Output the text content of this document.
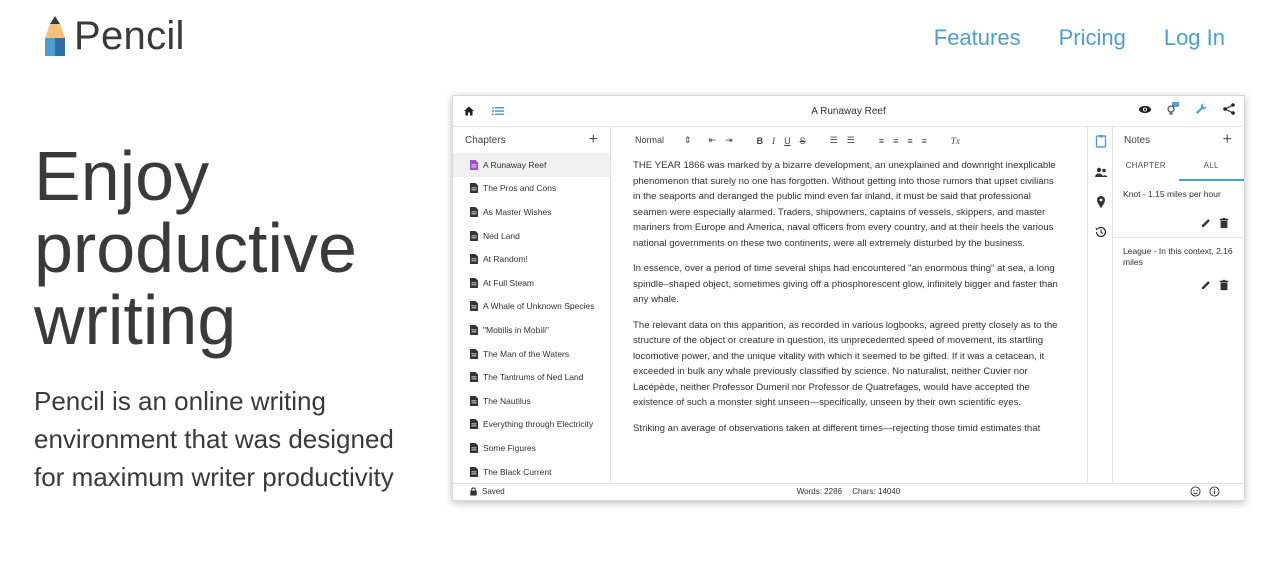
Pencil	Features Pricing Log In
Enjoy
productive
writing
Pencil is an online writing environment that was designed for maximum writer productivity
A Runaway Reef
Chapters	+
A Runaway Reef
The Pros and Cons
As Master Wishes
Ned Land
At Random!
At Full Steam
A Whale of Unknown Species
"Mobilis in Mobili"
The Man of the Waters
The Tantrums of Ned Land
The Nautilus
Everything through Electricity
Some Figures
The Black Current
Normal        ⇕ ⇤ ⇥	B I U S	☰ ☰	≡ ≡ ≡ ≡	Tx

THE YEAR 1866 was marked by a bizarre development, an unexplained and downright inexplicable phenomenon that surely no one has forgotten. Without getting into those rumors that upset civilians in the seaports and deranged the public mind even far inland, it must be said that professional seamen were especially alarmed. Traders, shipowners, captains of vessels, skippers, and master mariners from Europe and America, naval officers from every country, and at their heels the various national governments on these two continents, were all extremely disturbed by the business.

In essence, over a period of time several ships had encountered "an enormous thing" at sea, a long spindle–shaped object, sometimes giving off a phosphorescent glow, infinitely bigger and faster than any whale.

The relevant data on this apparition, as recorded in various logbooks, agreed pretty closely as to the structure of the object or creature in question, its unprecedented speed of movement, its startling locomotive power, and the unique vitality with which it seemed to be gifted. If it was a cetacean, it exceeded in bulk any whale previously classified by science. No naturalist, neither Cuvier nor Lacépède, neither Professor Dumeril nor Professor de Quatrefages, would have accepted the existence of such a monster sight unseen—specifically, unseen by their own scientific eyes.

Striking an average of observations taken at different times—rejecting those timid estimates that

Notes	+
CHAPTER	ALL
Knot - 1.15 miles per hour
League - In this context, 2.16 miles
Saved	Words: 2286 Chars: 14040
